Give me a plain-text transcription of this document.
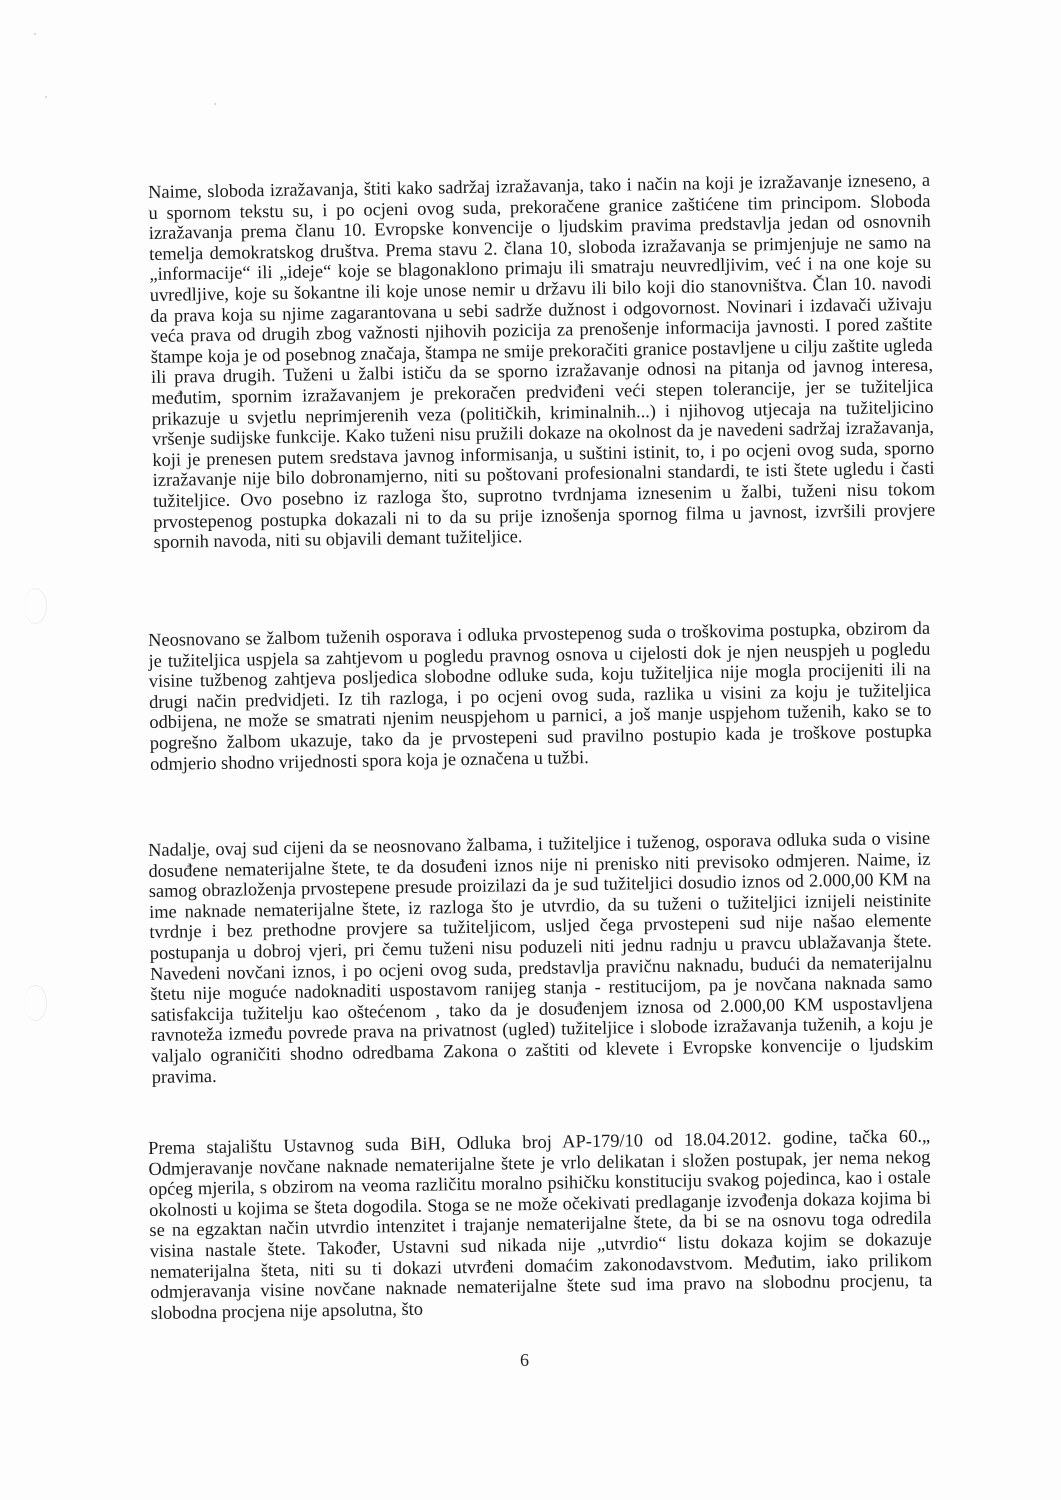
Naime, sloboda izražavanja, štiti kako sadržaj izražavanja, tako i način na koji je izražavanje izneseno, a u spornom tekstu su, i po ocjeni ovog suda, prekoračene granice zaštićene tim principom. Sloboda izražavanja prema članu 10. Evropske konvencije o ljudskim pravima predstavlja jedan od osnovnih temelja demokratskog društva. Prema stavu 2. člana 10, sloboda izražavanja se primjenjuje ne samo na „informacije“ ili „ideje“ koje se blagonaklono primaju ili smatraju neuvredljivim, već i na one koje su uvredljive, koje su šokantne ili koje unose nemir u državu ili bilo koji dio stanovništva. Član 10. navodi da prava koja su njime zagarantovana u sebi sadrže dužnost i odgovornost. Novinari i izdavači uživaju veća prava od drugih zbog važnosti njihovih pozicija za prenošenje informacija javnosti. I pored zaštite štampe koja je od posebnog značaja, štampa ne smije prekoračiti granice postavljene u cilju zaštite ugleda ili prava drugih. Tuženi u žalbi ističu da se sporno izražavanje odnosi na pitanja od javnog interesa, međutim, spornim izražavanjem je prekoračen predviđeni veći stepen tolerancije, jer se tužiteljica prikazuje u svjetlu neprimjerenih veza (političkih, kriminalnih...) i njihovog utjecaja na tužiteljicino vršenje sudijske funkcije. Kako tuženi nisu pružili dokaze na okolnost da je navedeni sadržaj izražavanja, koji je prenesen putem sredstava javnog informisanja, u suštini istinit, to, i po ocjeni ovog suda, sporno izražavanje nije bilo dobronamjerno, niti su poštovani profesionalni standardi, te isti štete ugledu i časti tužiteljice. Ovo posebno iz razloga što, suprotno tvrdnjama iznesenim u žalbi, tuženi nisu tokom prvostepenog postupka dokazali ni to da su prije iznošenja spornog filma u javnost, izvršili provjere spornih navoda, niti su objavili demant tužiteljice.

Neosnovano se žalbom tuženih osporava i odluka prvostepenog suda o troškovima postupka, obzirom da je tužiteljica uspjela sa zahtjevom u pogledu pravnog osnova u cijelosti dok je njen neuspjeh u pogledu visine tužbenog zahtjeva posljedica slobodne odluke suda, koju tužiteljica nije mogla procijeniti ili na drugi način predvidjeti. Iz tih razloga, i po ocjeni ovog suda, razlika u visini za koju je tužiteljica odbijena, ne može se smatrati njenim neuspjehom u parnici, a još manje uspjehom tuženih, kako se to pogrešno žalbom ukazuje, tako da je prvostepeni sud pravilno postupio kada je troškove postupka odmjerio shodno vrijednosti spora koja je označena u tužbi.

Nadalje, ovaj sud cijeni da se neosnovano žalbama, i tužiteljice i tuženog, osporava odluka suda o visine dosuđene nematerijalne štete, te da dosuđeni iznos nije ni prenisko niti previsoko odmjeren. Naime, iz samog obrazloženja prvostepene presude proizilazi da je sud tužiteljici dosudio iznos od 2.000,00 KM na ime naknade nematerijalne štete, iz razloga što je utvrdio, da su tuženi o tužiteljici iznijeli neistinite tvrdnje i bez prethodne provjere sa tužiteljicom, usljed čega prvostepeni sud nije našao elemente postupanja u dobroj vjeri, pri čemu tuženi nisu poduzeli niti jednu radnju u pravcu ublažavanja štete. Navedeni novčani iznos, i po ocjeni ovog suda, predstavlja pravičnu naknadu, budući da nematerijalnu štetu nije moguće nadoknaditi uspostavom ranijeg stanja - restitucijom, pa je novčana naknada samo satisfakcija tužitelju kao oštećenom , tako da je dosuđenjem iznosa od 2.000,00 KM uspostavljena ravnoteža između povrede prava na privatnost (ugled) tužiteljice i slobode izražavanja tuženih, a koju je valjalo ograničiti shodno odredbama Zakona o zaštiti od klevete i Evropske konvencije o ljudskim pravima.

Prema stajalištu Ustavnog suda BiH, Odluka broj AP-179/10 od 18.04.2012. godine, tačka 60.„ Odmjeravanje novčane naknade nematerijalne štete je vrlo delikatan i složen postupak, jer nema nekog općeg mjerila, s obzirom na veoma različitu moralno psihičku konstituciju svakog pojedinca, kao i ostale okolnosti u kojima se šteta dogodila. Stoga se ne može očekivati predlaganje izvođenja dokaza kojima bi se na egzaktan način utvrdio intenzitet i trajanje nematerijalne štete, da bi se na osnovu toga odredila visina nastale štete. Također, Ustavni sud nikada nije „utvrdio“ listu dokaza kojim se dokazuje nematerijalna šteta, niti su ti dokazi utvrđeni domaćim zakonodavstvom. Međutim, iako prilikom odmjeravanja visine novčane naknade nematerijalne štete sud ima pravo na slobodnu procjenu, ta slobodna procjena nije apsolutna, što

6
